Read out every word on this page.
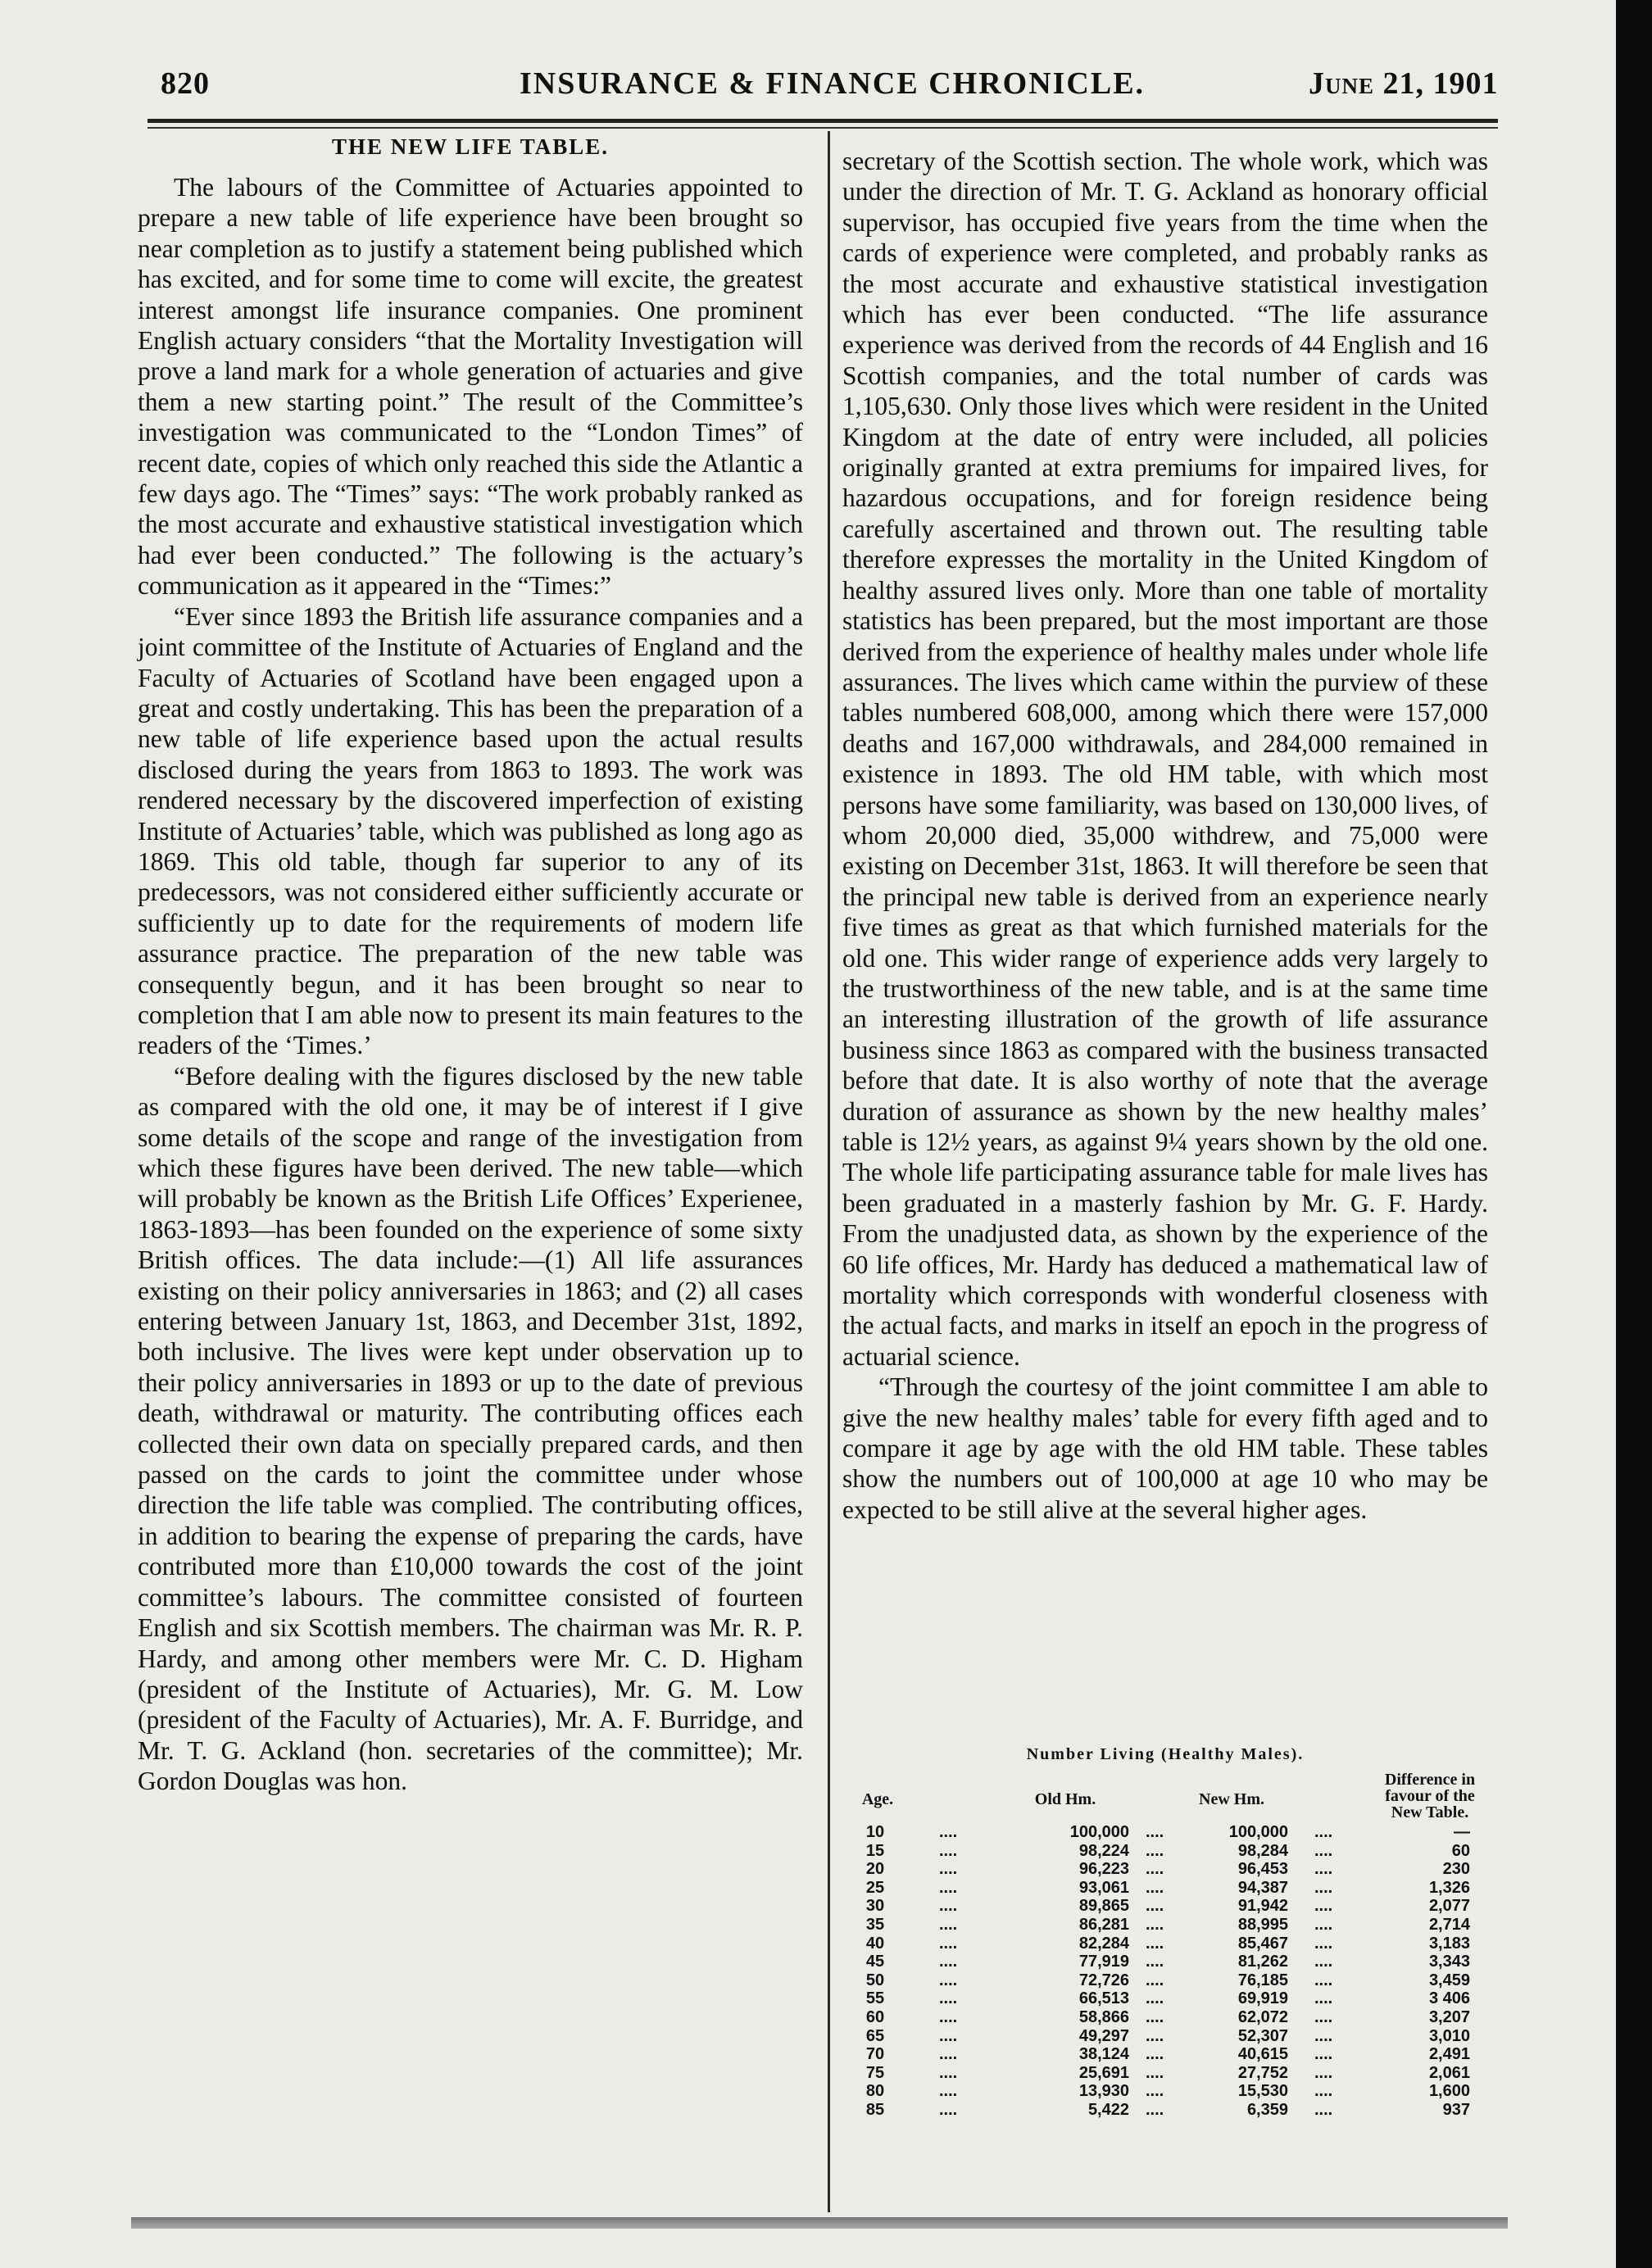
820	INSURANCE & FINANCE CHRONICLE.	June 21, 1901
THE NEW LIFE TABLE.

The labours of the Committee of Actuaries appointed to prepare a new table of life experience have been brought so near completion as to justify a statement being published which has excited, and for some time to come will excite, the greatest interest amongst life insurance companies. One prominent English actuary considers “that the Mortality Investigation will prove a land mark for a whole generation of actuaries and give them a new starting point.” The result of the Committee’s investigation was communicated to the “London Times” of recent date, copies of which only reached this side the Atlantic a few days ago. The “Times” says: “The work probably ranked as the most accurate and exhaustive statistical investigation which had ever been conducted.” The following is the actuary’s communication as it appeared in the “Times:”

“Ever since 1893 the British life assurance companies and a joint committee of the Institute of Actuaries of England and the Faculty of Actuaries of Scotland have been engaged upon a great and costly undertaking. This has been the preparation of a new table of life experience based upon the actual results disclosed during the years from 1863 to 1893. The work was rendered necessary by the discovered imperfection of existing Institute of Actuaries’ table, which was published as long ago as 1869. This old table, though far superior to any of its predecessors, was not considered either sufficiently accurate or sufficiently up to date for the requirements of modern life assurance practice. The preparation of the new table was consequently begun, and it has been brought so near to completion that I am able now to present its main features to the readers of the ‘Times.’

“Before dealing with the figures disclosed by the new table as compared with the old one, it may be of interest if I give some details of the scope and range of the investigation from which these figures have been derived. The new table—which will probably be known as the British Life Offices’ Experienee, 1863-1893—has been founded on the experience of some sixty British offices. The data include:—(1) All life assurances existing on their policy anniversaries in 1863; and (2) all cases entering between January 1st, 1863, and December 31st, 1892, both inclusive. The lives were kept under observation up to their policy anniversaries in 1893 or up to the date of previous death, withdrawal or maturity. The contributing offices each collected their own data on specially prepared cards, and then passed on the cards to joint the committee under whose direction the life table was complied. The contributing offices, in addition to bearing the expense of preparing the cards, have contributed more than £10,000 towards the cost of the joint committee’s labours. The committee consisted of fourteen English and six Scottish members. The chairman was Mr. R. P. Hardy, and among other members were Mr. C. D. Higham (president of the Institute of Actuaries), Mr. G. M. Low (president of the Faculty of Actuaries), Mr. A. F. Burridge, and Mr. T. G. Ackland (hon. secretaries of the committee); Mr. Gordon Douglas was hon.

secretary of the Scottish section. The whole work, which was under the direction of Mr. T. G. Ackland as honorary official supervisor, has occupied five years from the time when the cards of experience were completed, and probably ranks as the most accurate and exhaustive statistical investigation which has ever been conducted. “The life assurance experience was derived from the records of 44 English and 16 Scottish companies, and the total number of cards was 1,105,630. Only those lives which were resident in the United Kingdom at the date of entry were included, all policies originally granted at extra premiums for impaired lives, for hazardous occupations, and for foreign residence being carefully ascertained and thrown out. The resulting table therefore expresses the mortality in the United Kingdom of healthy assured lives only. More than one table of mortality statistics has been prepared, but the most important are those derived from the experience of healthy males under whole life assurances. The lives which came within the purview of these tables numbered 608,000, among which there were 157,000 deaths and 167,000 withdrawals, and 284,000 remained in existence in 1893. The old HM table, with which most persons have some familiarity, was based on 130,000 lives, of whom 20,000 died, 35,000 withdrew, and 75,000 were existing on December 31st, 1863. It will therefore be seen that the principal new table is derived from an experience nearly five times as great as that which furnished materials for the old one. This wider range of experience adds very largely to the trustworthiness of the new table, and is at the same time an interesting illustration of the growth of life assurance business since 1863 as compared with the business transacted before that date. It is also worthy of note that the average duration of assurance as shown by the new healthy males’ table is 12½ years, as against 9¼ years shown by the old one. The whole life participating assurance table for male lives has been graduated in a masterly fashion by Mr. G. F. Hardy. From the unadjusted data, as shown by the experience of the 60 life offices, Mr. Hardy has deduced a mathematical law of mortality which corresponds with wonderful closeness with the actual facts, and marks in itself an epoch in the progress of actuarial science.

“Through the courtesy of the joint committee I am able to give the new healthy males’ table for every fifth aged and to compare it age by age with the old HM table. These tables show the numbers out of 100,000 at age 10 who may be expected to be still alive at the several higher ages.

Number Living (Healthy Males).
Age.	Old Hm.	New Hm.
Difference in
favour of the
New Table.
10	....	100,000 ....	100,000 ....	—
15	....	98,224 ....	98,284 ....	60
20	....	96,223 ....	96,453 ....	230
25	....	93,061 ....	94,387 ....	1,326
30	....	89,865 ....	91,942 ....	2,077
35	....	86,281 ....	88,995 ....	2,714
40	....	82,284 ....	85,467 ....	3,183
45	....	77,919 ....	81,262 ....	3,343
50	....	72,726 ....	76,185 ....	3,459
55	....	66,513 ....	69,919 ....	3 406
60	....	58,866 ....	62,072 ....	3,207
65	....	49,297 ....	52,307 ....	3,010
70	....	38,124 ....	40,615 ....	2,491
75	....	25,691 ....	27,752 ....	2,061
80	....	13,930 ....	15,530 ....	1,600
85	....	5,422 ....	6,359 ....	937
